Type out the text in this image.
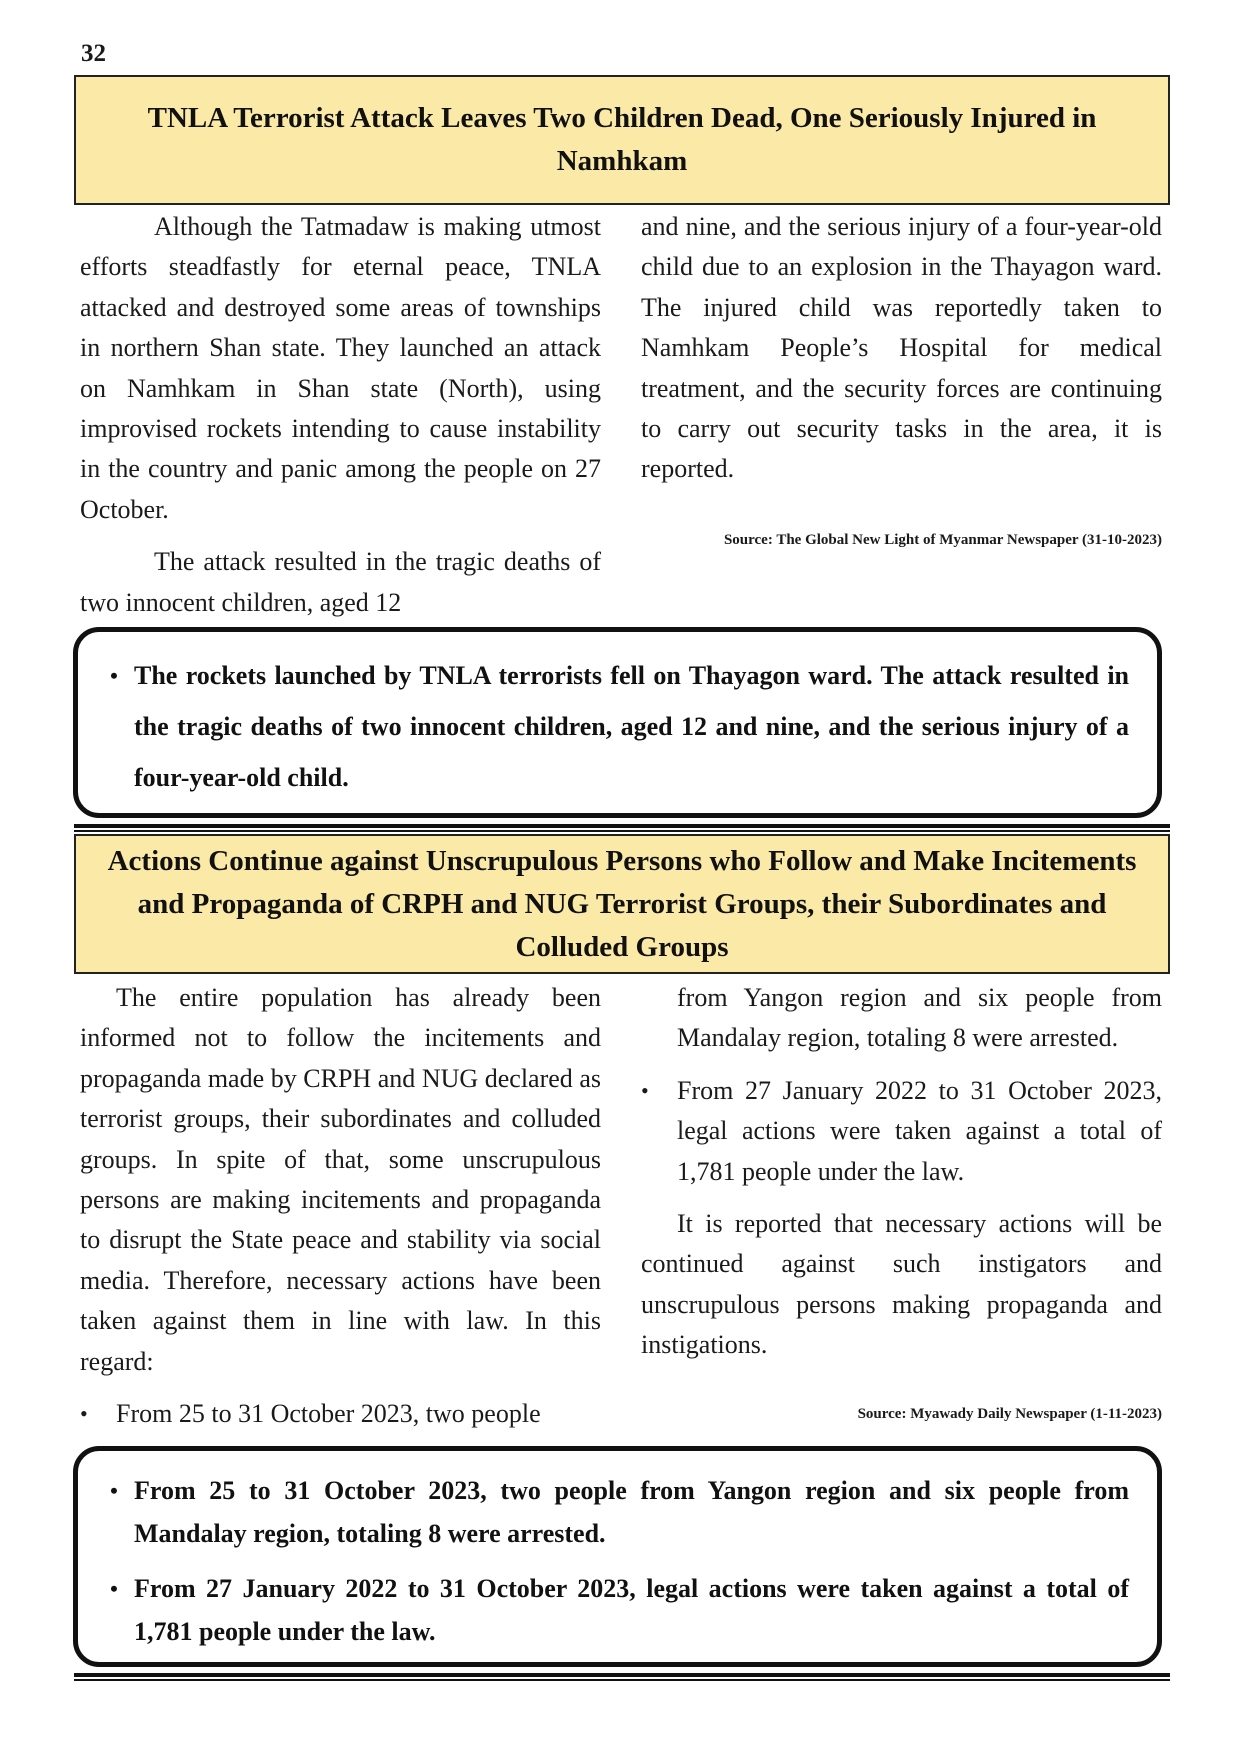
32
TNLA Terrorist Attack Leaves Two Children Dead, One Seriously Injured in Namhkam

Although the Tatmadaw is making utmost efforts steadfastly for eternal peace, TNLA attacked and destroyed some areas of townships in northern Shan state. They launched an attack on Namhkam in Shan state (North), using improvised rockets intending to cause instability in the country and panic among the people on 27 October.

The attack resulted in the tragic deaths of two innocent children, aged 12

and nine, and the serious injury of a four-year-old child due to an explosion in the Thayagon ward. The injured child was reportedly taken to Namhkam People’s Hospital for medical treatment, and the security forces are continuing to carry out security tasks in the area, it is reported.

Source: The Global New Light of Myanmar Newspaper (31-10-2023)
• The rockets launched by TNLA terrorists fell on Thayagon ward. The attack resulted in the tragic deaths of two innocent children, aged 12 and nine, and the serious injury of a four-year-old child.
Actions Continue against Unscrupulous Persons who Follow and Make Incitements and Propaganda of CRPH and NUG Terrorist Groups, their Subordinates and Colluded Groups

The entire population has already been informed not to follow the incitements and propaganda made by CRPH and NUG declared as terrorist groups, their subordinates and colluded groups. In spite of that, some unscrupulous persons are making incitements and propaganda to disrupt the State peace and stability via social media. Therefore, necessary actions have been taken against them in line with law. In this regard:

•	From 25 to 31 October 2023, two people

from Yangon region and six people from Mandalay region, totaling 8 were arrested.

•	From 27 January 2022 to 31 October 2023, legal actions were taken against a total of 1,781 people under the law.

It is reported that necessary actions will be continued against such instigators and unscrupulous persons making propaganda and instigations.

Source: Myawady Daily Newspaper (1-11-2023)
• From 25 to 31 October 2023, two people from Yangon region and six people from Mandalay region, totaling 8 were arrested.
• From 27 January 2022 to 31 October 2023, legal actions were taken against a total of 1,781 people under the law.
